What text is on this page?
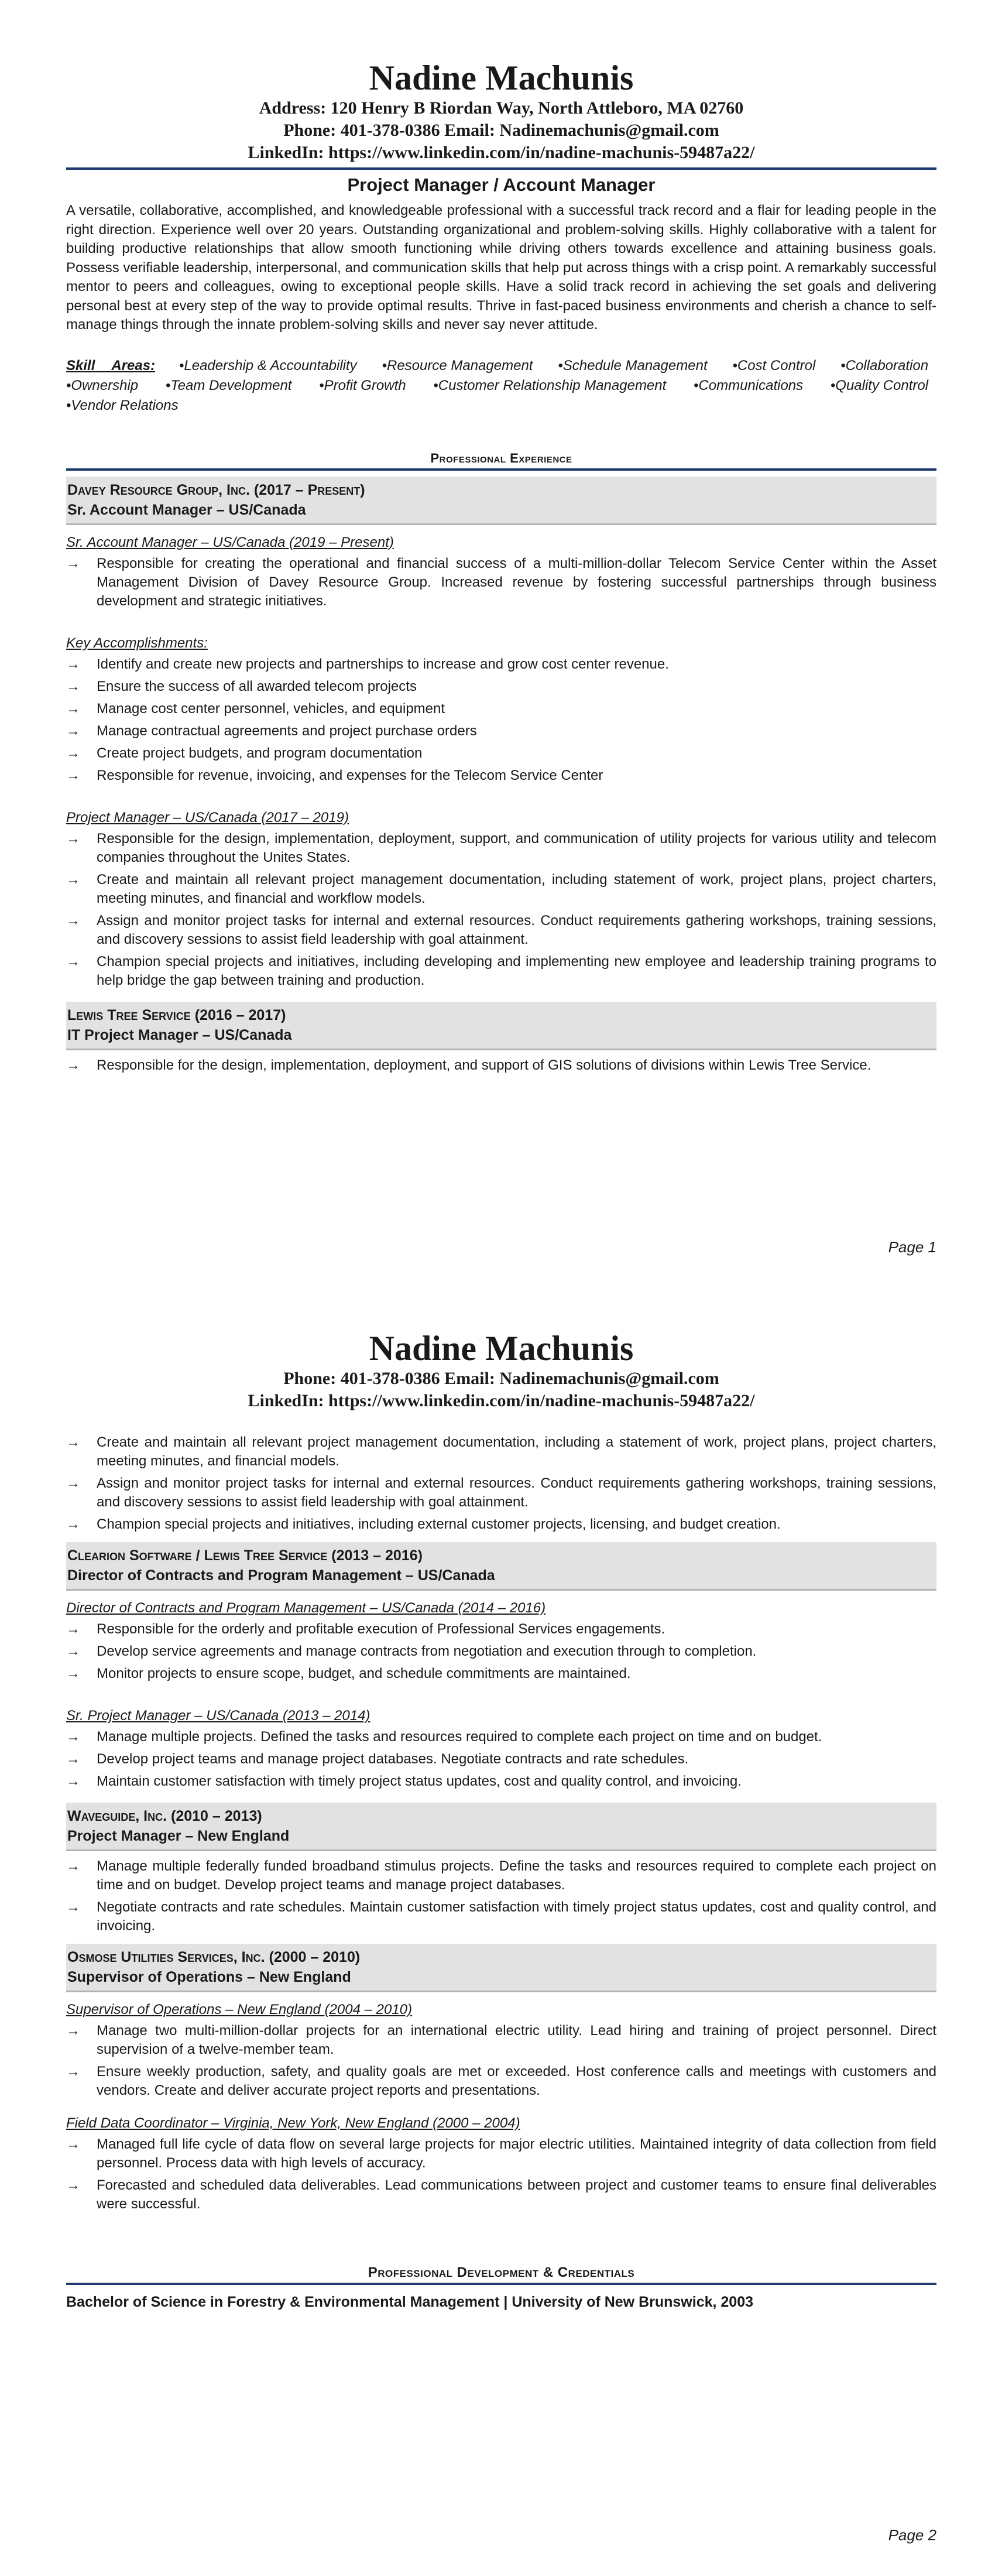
Nadine Machunis
Address: 120 Henry B Riordan Way, North Attleboro, MA 02760
Phone: 401-378-0386 Email: Nadinemachunis@gmail.com
LinkedIn: https://www.linkedin.com/in/nadine-machunis-59487a22/
Project Manager / Account Manager
A versatile, collaborative, accomplished, and knowledgeable professional with a successful track record and a flair for leading people in the right direction. Experience well over 20 years. Outstanding organizational and problem-solving skills. Highly collaborative with a talent for building productive relationships that allow smooth functioning while driving others towards excellence and attaining business goals. Possess verifiable leadership, interpersonal, and communication skills that help put across things with a crisp point. A remarkably successful mentor to peers and colleagues, owing to exceptional people skills. Have a solid track record in achieving the set goals and delivering personal best at every step of the way to provide optimal results. Thrive in fast-paced business environments and cherish a chance to self-manage things through the innate problem-solving skills and never say never attitude.
Skill Areas: •Leadership & Accountability •Resource Management •Schedule Management •Cost Control •Collaboration •Ownership •Team Development •Profit Growth •Customer Relationship Management •Communications •Quality Control •Vendor Relations
Professional Experience
Davey Resource Group, Inc. (2017 – Present)
Sr. Account Manager – US/Canada
Sr. Account Manager – US/Canada (2019 – Present)
→	Responsible for creating the operational and financial success of a multi-million-dollar Telecom Service Center within the Asset Management Division of Davey Resource Group. Increased revenue by fostering successful partnerships through business development and strategic initiatives.
Key Accomplishments:
→	Identify and create new projects and partnerships to increase and grow cost center revenue.
→	Ensure the success of all awarded telecom projects
→	Manage cost center personnel, vehicles, and equipment
→	Manage contractual agreements and project purchase orders
→	Create project budgets, and program documentation
→	Responsible for revenue, invoicing, and expenses for the Telecom Service Center
Project Manager – US/Canada (2017 – 2019)
→	Responsible for the design, implementation, deployment, support, and communication of utility projects for various utility and telecom companies throughout the Unites States.
→	Create and maintain all relevant project management documentation, including statement of work, project plans, project charters, meeting minutes, and financial and workflow models.
→	Assign and monitor project tasks for internal and external resources. Conduct requirements gathering workshops, training sessions, and discovery sessions to assist field leadership with goal attainment.
→	Champion special projects and initiatives, including developing and implementing new employee and leadership training programs to help bridge the gap between training and production.
Lewis Tree Service (2016 – 2017)
IT Project Manager – US/Canada
→	Responsible for the design, implementation, deployment, and support of GIS solutions of divisions within Lewis Tree Service.
Page 1
Nadine Machunis
Phone: 401-378-0386 Email: Nadinemachunis@gmail.com
LinkedIn: https://www.linkedin.com/in/nadine-machunis-59487a22/
→	Create and maintain all relevant project management documentation, including a statement of work, project plans, project charters, meeting minutes, and financial models.
→	Assign and monitor project tasks for internal and external resources. Conduct requirements gathering workshops, training sessions, and discovery sessions to assist field leadership with goal attainment.
→	Champion special projects and initiatives, including external customer projects, licensing, and budget creation.
Clearion Software / Lewis Tree Service (2013 – 2016)
Director of Contracts and Program Management – US/Canada
Director of Contracts and Program Management – US/Canada (2014 – 2016)
→	Responsible for the orderly and profitable execution of Professional Services engagements.
→	Develop service agreements and manage contracts from negotiation and execution through to completion.
→	Monitor projects to ensure scope, budget, and schedule commitments are maintained.
Sr. Project Manager – US/Canada (2013 – 2014)
→	Manage multiple projects. Defined the tasks and resources required to complete each project on time and on budget.
→	Develop project teams and manage project databases. Negotiate contracts and rate schedules.
→	Maintain customer satisfaction with timely project status updates, cost and quality control, and invoicing.
Waveguide, Inc. (2010 – 2013)
Project Manager – New England
→	Manage multiple federally funded broadband stimulus projects. Define the tasks and resources required to complete each project on time and on budget. Develop project teams and manage project databases.
→	Negotiate contracts and rate schedules. Maintain customer satisfaction with timely project status updates, cost and quality control, and invoicing.
Osmose Utilities Services, Inc. (2000 – 2010)
Supervisor of Operations – New England
Supervisor of Operations – New England (2004 – 2010)
→	Manage two multi-million-dollar projects for an international electric utility. Lead hiring and training of project personnel. Direct supervision of a twelve-member team.
→	Ensure weekly production, safety, and quality goals are met or exceeded. Host conference calls and meetings with customers and vendors. Create and deliver accurate project reports and presentations.
Field Data Coordinator – Virginia, New York, New England (2000 – 2004)
→	Managed full life cycle of data flow on several large projects for major electric utilities. Maintained integrity of data collection from field personnel. Process data with high levels of accuracy.
→	Forecasted and scheduled data deliverables. Lead communications between project and customer teams to ensure final deliverables were successful.
Professional Development & Credentials
Bachelor of Science in Forestry & Environmental Management | University of New Brunswick, 2003
Page 2
